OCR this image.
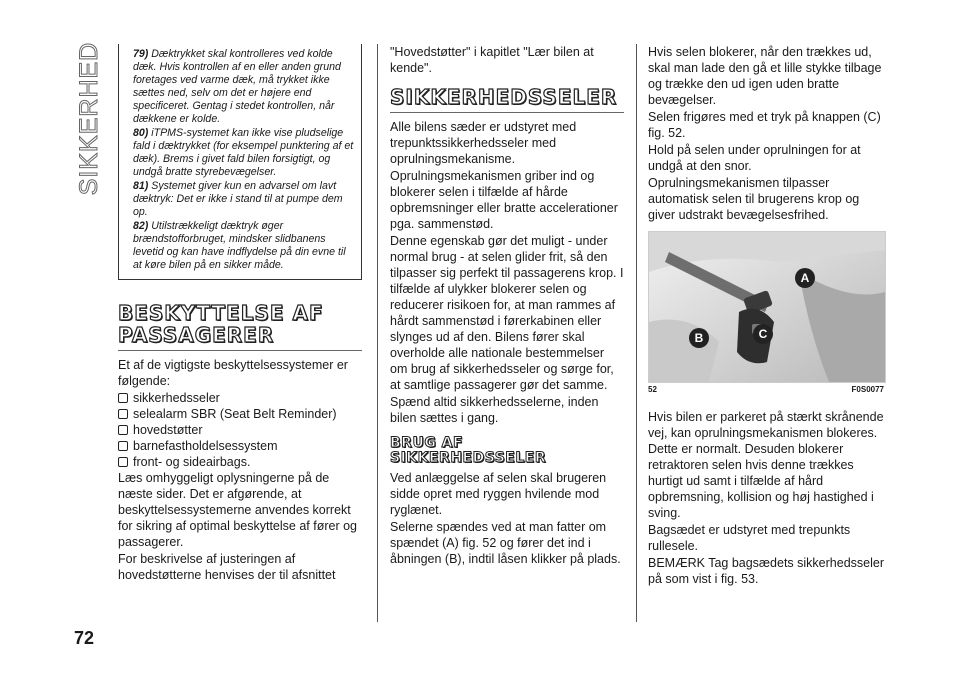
SIKKERHED	79) Dæktrykket skal kontrolleres ved kolde dæk. Hvis kontrollen af en eller anden grund foretages ved varme dæk, må trykket ikke sættes ned, selv om det er højere end specificeret. Gentag i stedet kontrollen, når dækkene er kolde.

80) iTPMS-systemet kan ikke vise pludselige fald i dæktrykket (for eksempel punktering af et dæk). Brems i givet fald bilen forsigtigt, og undgå bratte styrebevægelser.

81) Systemet giver kun en advarsel om lavt dæktryk: Det er ikke i stand til at pumpe dem op.

82) Utilstrækkeligt dæktryk øger brændstofforbruget, mindsker slidbanens levetid og kan have indflydelse på din evne til at køre bilen på en sikker måde.

BESKYTTELSE AF PASSAGERER

Et af de vigtigste beskyttelsessystemer er følgende:

sikkerhedsseler
selealarm SBR (Seat Belt Reminder)
hovedstøtter
barnefastholdelsessystem
front- og sideairbags.

Læs omhyggeligt oplysningerne på de næste sider. Det er afgørende, at beskyttelsessystemerne anvendes korrekt for sikring af optimal beskyttelse af fører og passagerer.

For beskrivelse af justeringen af hovedstøtterne henvises der til afsnittet

"Hovedstøtter" i kapitlet "Lær bilen at kende".

SIKKERHEDSSELER

Alle bilens sæder er udstyret med trepunktssikkerhedsseler med oprulningsmekanisme.

Oprulningsmekanismen griber ind og blokerer selen i tilfælde af hårde opbremsninger eller bratte accelerationer pga. sammenstød.

Denne egenskab gør det muligt - under normal brug - at selen glider frit, så den tilpasser sig perfekt til passagerens krop. I tilfælde af ulykker blokerer selen og reducerer risikoen for, at man rammes af hårdt sammenstød i førerkabinen eller slynges ud af den. Bilens fører skal overholde alle nationale bestemmelser om brug af sikkerhedsseler og sørge for, at samtlige passagerer gør det samme.

Spænd altid sikkerhedsselerne, inden bilen sættes i gang.

BRUG AF SIKKERHEDSSELER

Ved anlæggelse af selen skal brugeren sidde opret med ryggen hvilende mod ryglænet.

Selerne spændes ved at man fatter om spændet (A) fig. 52 og fører det ind i åbningen (B), indtil låsen klikker på plads.

Hvis selen blokerer, når den trækkes ud, skal man lade den gå et lille stykke tilbage og trække den ud igen uden bratte bevægelser.

Selen frigøres med et tryk på knappen (C) fig. 52.

Hold på selen under oprulningen for at undgå at den snor.

Oprulningsmekanismen tilpasser automatisk selen til brugerens krop og giver udstrakt bevægelsesfrihed.

A
B	C
52	F0S0077

Hvis bilen er parkeret på stærkt skrånende vej, kan oprulningsmekanismen blokeres. Dette er normalt. Desuden blokerer retraktoren selen hvis denne trækkes hurtigt ud samt i tilfælde af hård opbremsning, kollision og høj hastighed i sving.

Bagsædet er udstyret med trepunkts rullesele.

BEMÆRK Tag bagsædets sikkerhedsseler på som vist i fig. 53.

72
